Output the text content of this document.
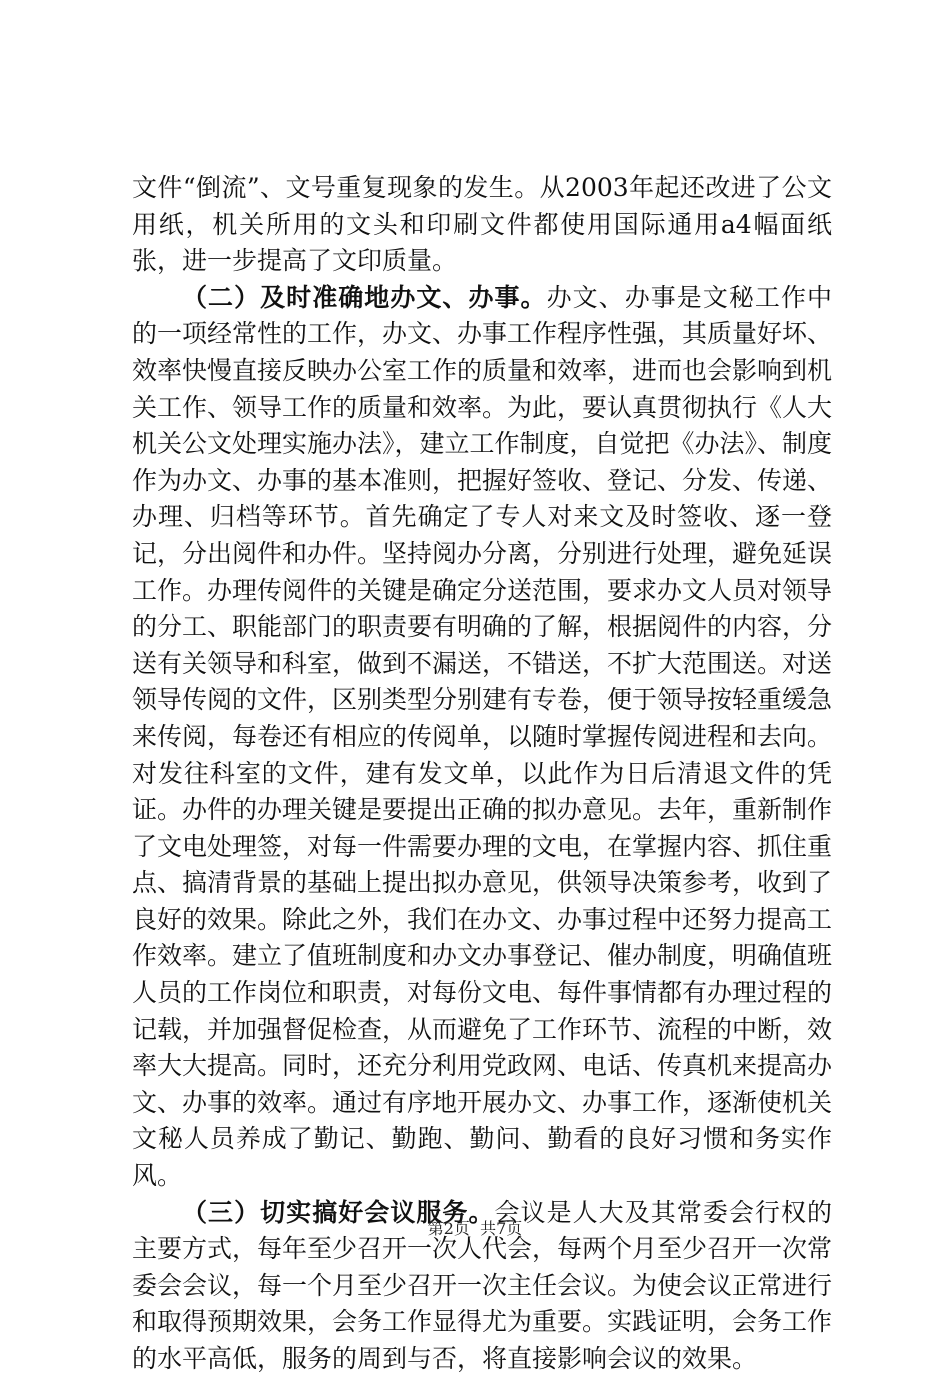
文件“倒流”、文号重复现象的发生。从2003年起还改进了公文用纸，机关所用的文头和印刷文件都使用国际通用a4幅面纸张，进一步提高了文印质量。

（二）及时准确地办文、办事。办文、办事是文秘工作中的一项经常性的工作，办文、办事工作程序性强，其质量好坏、效率快慢直接反映办公室工作的质量和效率，进而也会影响到机关工作、领导工作的质量和效率。为此，要认真贯彻执行《人大机关公文处理实施办法》，建立工作制度，自觉把《办法》、制度作为办文、办事的基本准则，把握好签收、登记、分发、传递、办理、归档等环节。首先确定了专人对来文及时签收、逐一登记，分出阅件和办件。坚持阅办分离，分别进行处理，避免延误工作。办理传阅件的关键是确定分送范围，要求办文人员对领导的分工、职能部门的职责要有明确的了解，根据阅件的内容，分送有关领导和科室，做到不漏送，不错送，不扩大范围送。对送领导传阅的文件，区别类型分别建有专卷，便于领导按轻重缓急来传阅，每卷还有相应的传阅单，以随时掌握传阅进程和去向。对发往科室的文件，建有发文单，以此作为日后清退文件的凭证。办件的办理关键是要提出正确的拟办意见。去年，重新制作了文电处理签，对每一件需要办理的文电，在掌握内容、抓住重点、搞清背景的基础上提出拟办意见，供领导决策参考，收到了良好的效果。除此之外，我们在办文、办事过程中还努力提高工作效率。建立了值班制度和办文办事登记、催办制度，明确值班人员的工作岗位和职责，对每份文电、每件事情都有办理过程的记载，并加强督促检查，从而避免了工作环节、流程的中断，效率大大提高。同时，还充分利用党政网、电话、传真机来提高办文、办事的效率。通过有序地开展办文、办事工作，逐渐使机关文秘人员养成了勤记、勤跑、勤问、勤看的良好习惯和务实作风。

（三）切实搞好会议服务。会议是人大及其常委会行权的主要方式，每年至少召开一次人代会，每两个月至少召开一次常委会会议，每一个月至少召开一次主任会议。为使会议正常进行和取得预期效果，会务工作显得尤为重要。实践证明，会务工作的水平高低，服务的周到与否，将直接影响会议的效果。

第2页  共7页
